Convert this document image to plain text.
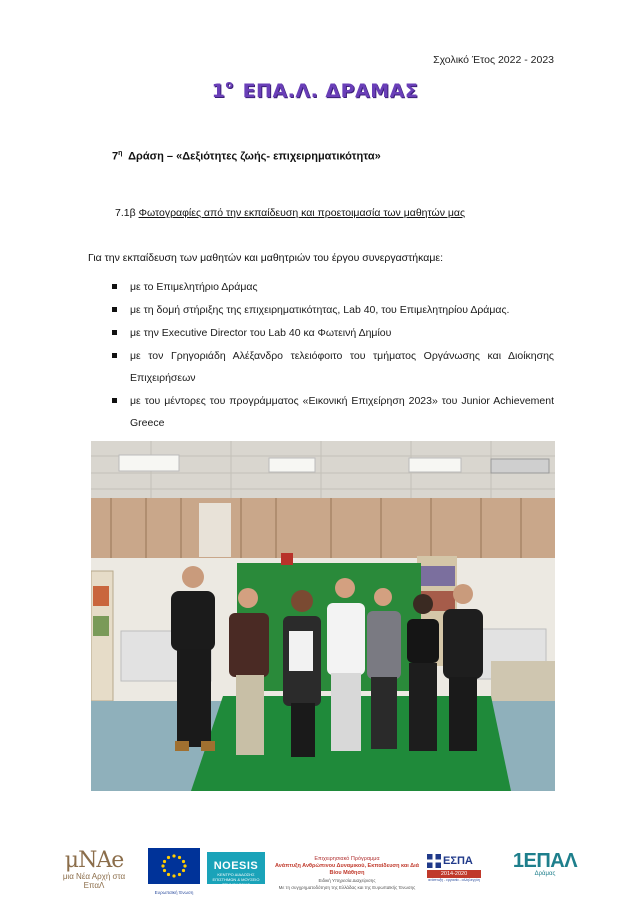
Σχολικό Έτος 2022 - 2023
$1^o$ ΕΠΑ.Λ. ΔΡΑΜΑΣ
$7^\eta$ Δράση – «Δεξιότητες ζωής- επιχειρηματικότητα»
7.1β Φωτογραφίες από την εκπαίδευση και προετοιμασία των μαθητών μας
Για την εκπαίδευση των μαθητών και μαθητριών του έργου συνεργαστήκαμε:
με το Επιμελητήριο Δράμας
με τη δομή στήριξης της επιχειρηματικότητας, Lab 40, του Επιμελητηρίου Δράμας.
με την Executive Director του Lab 40 κα Φωτεινή Δημίου
με τον Γρηγοριάδη Αλέξανδρο τελειόφοιτο του τμήματος Οργάνωσης και Διοίκησης Επιχειρήσεων
με του μέντορες του προγράμματος «Εικονική Επιχείρηση 2023» του Junior Achievement Greece
μNAe
μια Νέα Αρχή στα ΕπαΛ
Ευρωπαϊκή Ένωση
NOESIS
ΚΕΝΤΡΟ ΔΙΑΔΟΣΗΣ ΕΠΙΣΤΗΜΩΝ & ΜΟΥΣΕΙΟ ΤΕΧΝΟΛΟΓΙΑΣ
Επιχειρησιακό Πρόγραμμα
Ανάπτυξη Ανθρώπινου Δυναμικού, Εκπαίδευση και Διά Βίου Μάθηση
Ειδική Υπηρεσία Διαχείρισης
Με τη συγχρηματοδότηση της Ελλάδας και της Ευρωπαϊκής Ένωσης
ΕΣΠΑ
2014-2020
ανάπτυξη - εργασία - αλληλεγγύη
1ΕΠΑΛ
Δράμας
